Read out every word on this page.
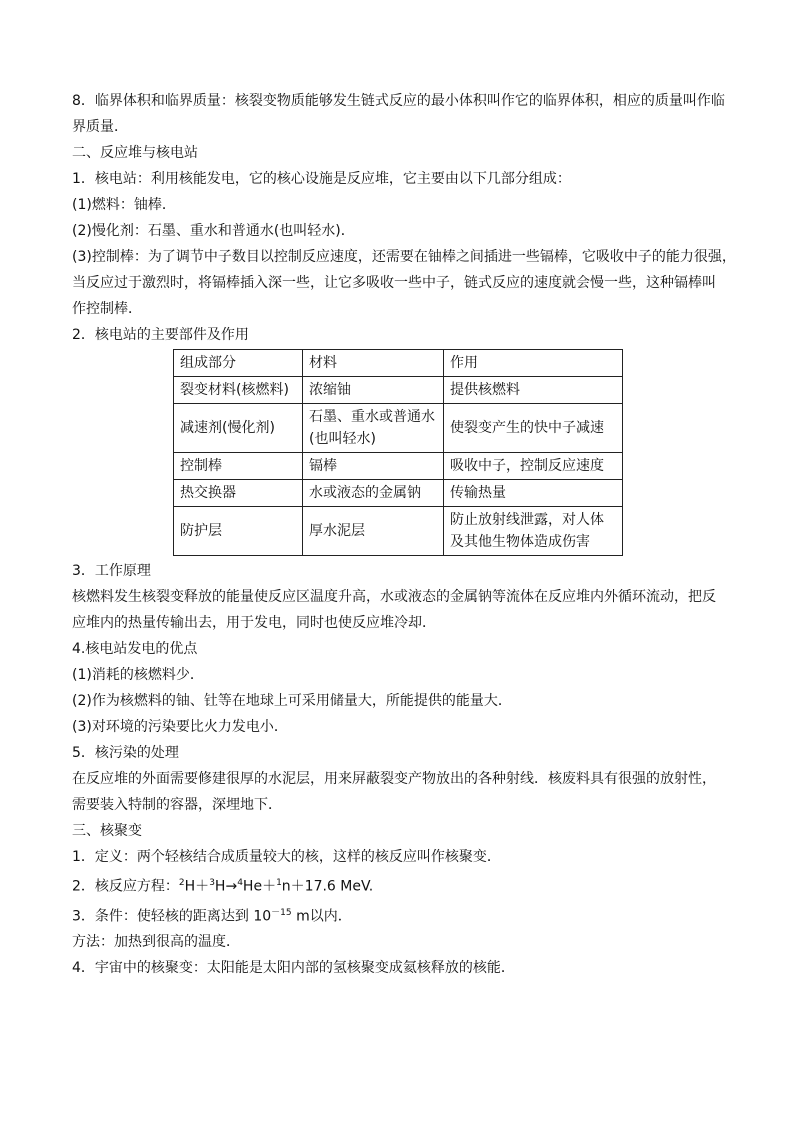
8．临界体积和临界质量：核裂变物质能够发生链式反应的最小体积叫作它的临界体积，相应的质量叫作临

界质量．

二、反应堆与核电站

1．核电站：利用核能发电，它的核心设施是反应堆，它主要由以下几部分组成：

(1)燃料：铀棒．

(2)慢化剂：石墨、重水和普通水(也叫轻水)．

(3)控制棒：为了调节中子数目以控制反应速度，还需要在铀棒之间插进一些镉棒，它吸收中子的能力很强，

当反应过于激烈时，将镉棒插入深一些，让它多吸收一些中子，链式反应的速度就会慢一些，这种镉棒叫

作控制棒．

2．核电站的主要部件及作用

组成部分	材料	作用
裂变材料(核燃料)	浓缩铀	提供核燃料
减速剂(慢化剂)	石墨、重水或普通水(也叫轻水)	使裂变产生的快中子减速
控制棒	镉棒	吸收中子，控制反应速度
热交换器	水或液态的金属钠	传输热量
防护层	厚水泥层	防止放射线泄露，对人体及其他生物体造成伤害

3．工作原理

核燃料发生核裂变释放的能量使反应区温度升高，水或液态的金属钠等流体在反应堆内外循环流动，把反

应堆内的热量传输出去，用于发电，同时也使反应堆冷却．

4.核电站发电的优点

(1)消耗的核燃料少．

(2)作为核燃料的铀、钍等在地球上可采用储量大，所能提供的能量大．

(3)对环境的污染要比火力发电小．

5．核污染的处理

在反应堆的外面需要修建很厚的水泥层，用来屏蔽裂变产物放出的各种射线．核废料具有很强的放射性，

需要装入特制的容器，深埋地下．

三、核聚变

1．定义：两个轻核结合成质量较大的核，这样的核反应叫作核聚变．

2．核反应方程：$^2$H＋$^3$H→$^4$He＋$^1$n＋17.6 MeV.

3．条件：使轻核的距离达到 $10^{-15}$ m以内．

方法：加热到很高的温度．

4．宇宙中的核聚变：太阳能是太阳内部的氢核聚变成氦核释放的核能．
